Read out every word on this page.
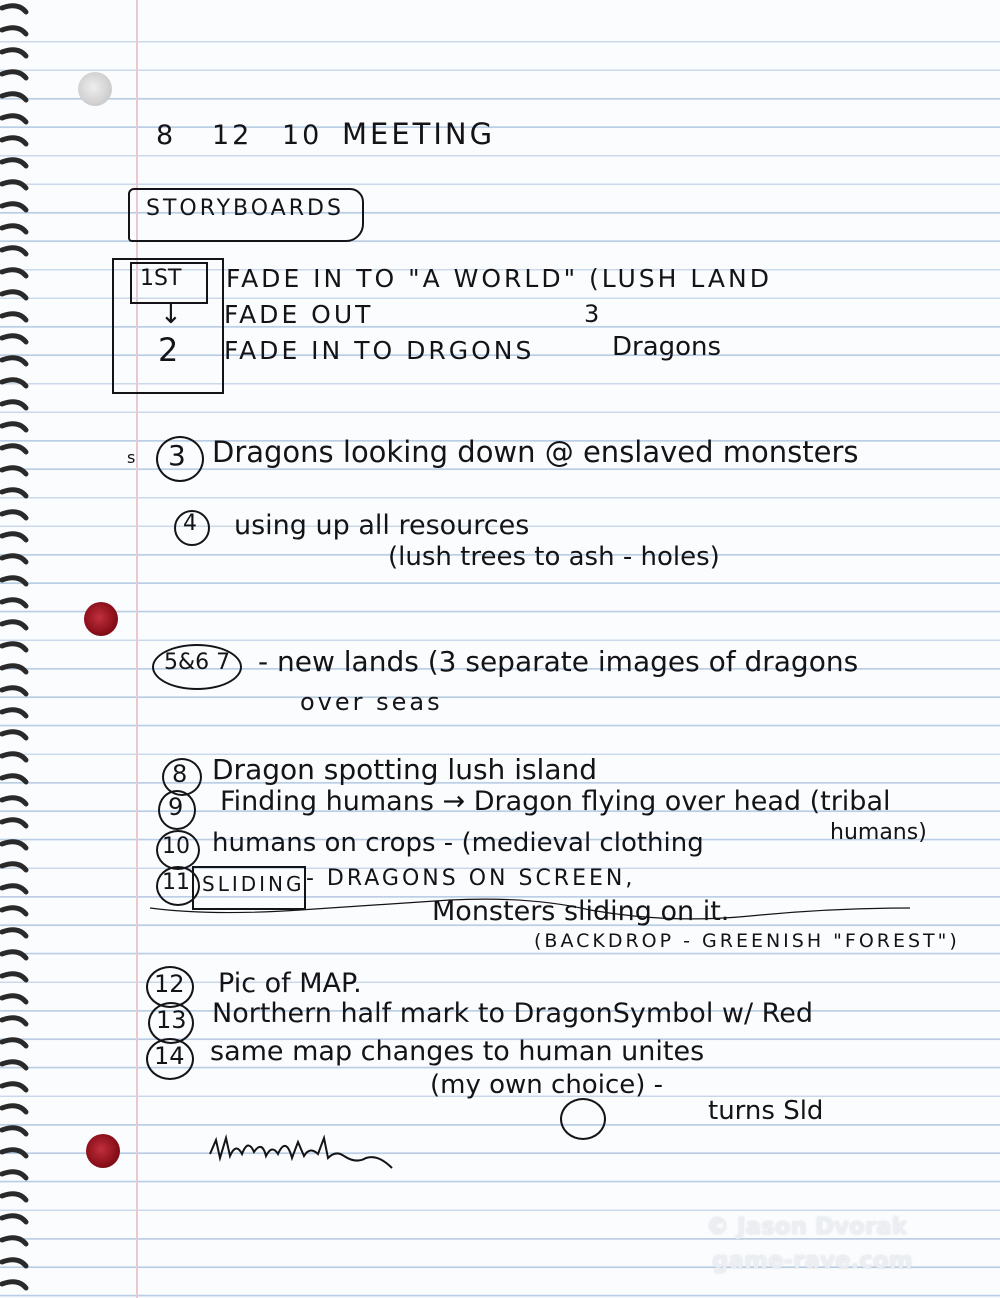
8 12 10 MEETING
STORYBOARDS
1ST
↓
2
FADE IN TO "A WORLD" (LUSH LAND
FADE OUT
FADE IN TO DRGONS
3
Dragons
s 3 Dragons looking down @ enslaved monsters
4 using up all resources
(lush trees to ash - holes)
5&6 7 - new lands (3 separate images of dragons
over seas
8 Dragon spotting lush island
9 Finding humans → Dragon flying over head (tribal
humans)
10 humans on crops - (medieval clothing
11 SLIDING - DRAGONS ON SCREEN,
Monsters sliding on it.
(BACKDROP - GREENISH "FOREST")
12 Pic of MAP.
13 Northern half mark to DragonSymbol w/ Red
14 same map changes to human unites
(my own choice) -
turns Sld
© Jason Dvorak
game-rave.com
